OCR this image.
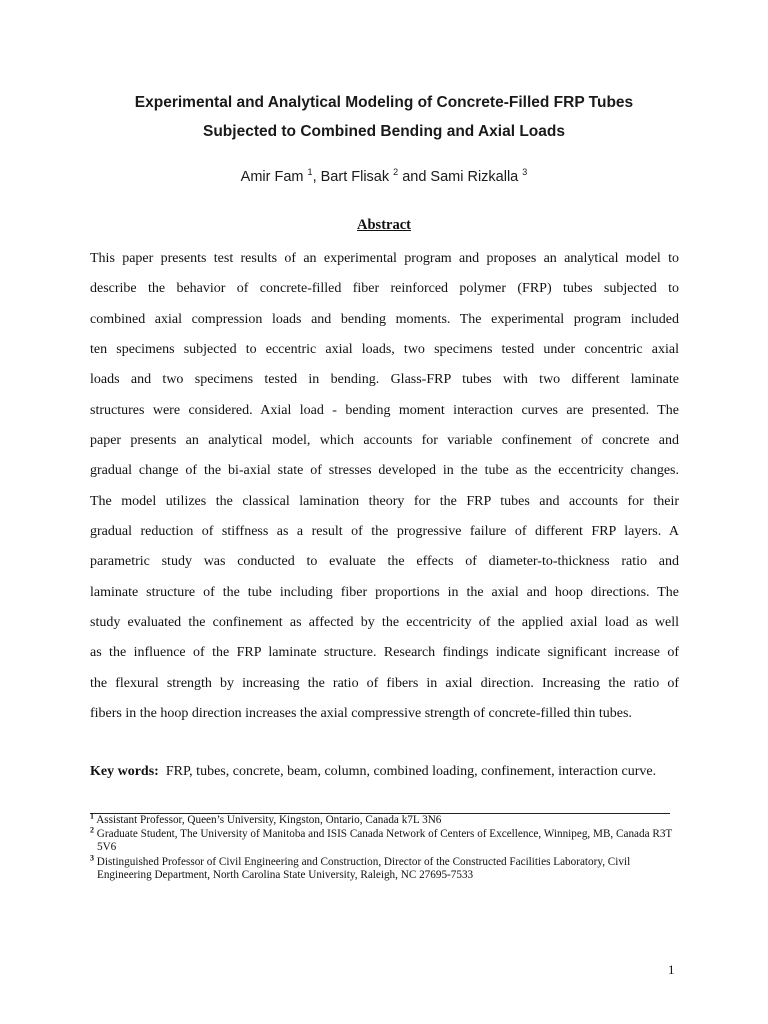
Experimental and Analytical Modeling of Concrete-Filled FRP Tubes
Subjected to Combined Bending and Axial Loads
Amir Fam $^1$, Bart Flisak $^2$ and Sami Rizkalla $^3$
Abstract
This paper presents test results of an experimental program and proposes an analytical model to
describe the behavior of concrete-filled fiber reinforced polymer (FRP) tubes subjected to
combined axial compression loads and bending moments. The experimental program included
ten specimens subjected to eccentric axial loads, two specimens tested under concentric axial
loads and two specimens tested in bending. Glass-FRP tubes with two different laminate
structures were considered. Axial load - bending moment interaction curves are presented. The
paper presents an analytical model, which accounts for variable confinement of concrete and
gradual change of the bi-axial state of stresses developed in the tube as the eccentricity changes.
The model utilizes the classical lamination theory for the FRP tubes and accounts for their
gradual reduction of stiffness as a result of the progressive failure of different FRP layers. A
parametric study was conducted to evaluate the effects of diameter-to-thickness ratio and
laminate structure of the tube including fiber proportions in the axial and hoop directions. The
study evaluated the confinement as affected by the eccentricity of the applied axial load as well
as the influence of the FRP laminate structure. Research findings indicate significant increase of
the flexural strength by increasing the ratio of fibers in axial direction. Increasing the ratio of
fibers in the hoop direction increases the axial compressive strength of concrete-filled thin tubes.
Key words: FRP, tubes, concrete, beam, column, combined loading, confinement, interaction curve.
$^1$ Assistant Professor, Queen’s University, Kingston, Ontario, Canada k7L 3N6
$^2$ Graduate Student, The University of Manitoba and ISIS Canada Network of Centers of Excellence, Winnipeg, MB, Canada R3T 5V6
$^3$ Distinguished Professor of Civil Engineering and Construction, Director of the Constructed Facilities Laboratory, Civil Engineering Department, North Carolina State University, Raleigh, NC 27695-7533
1
